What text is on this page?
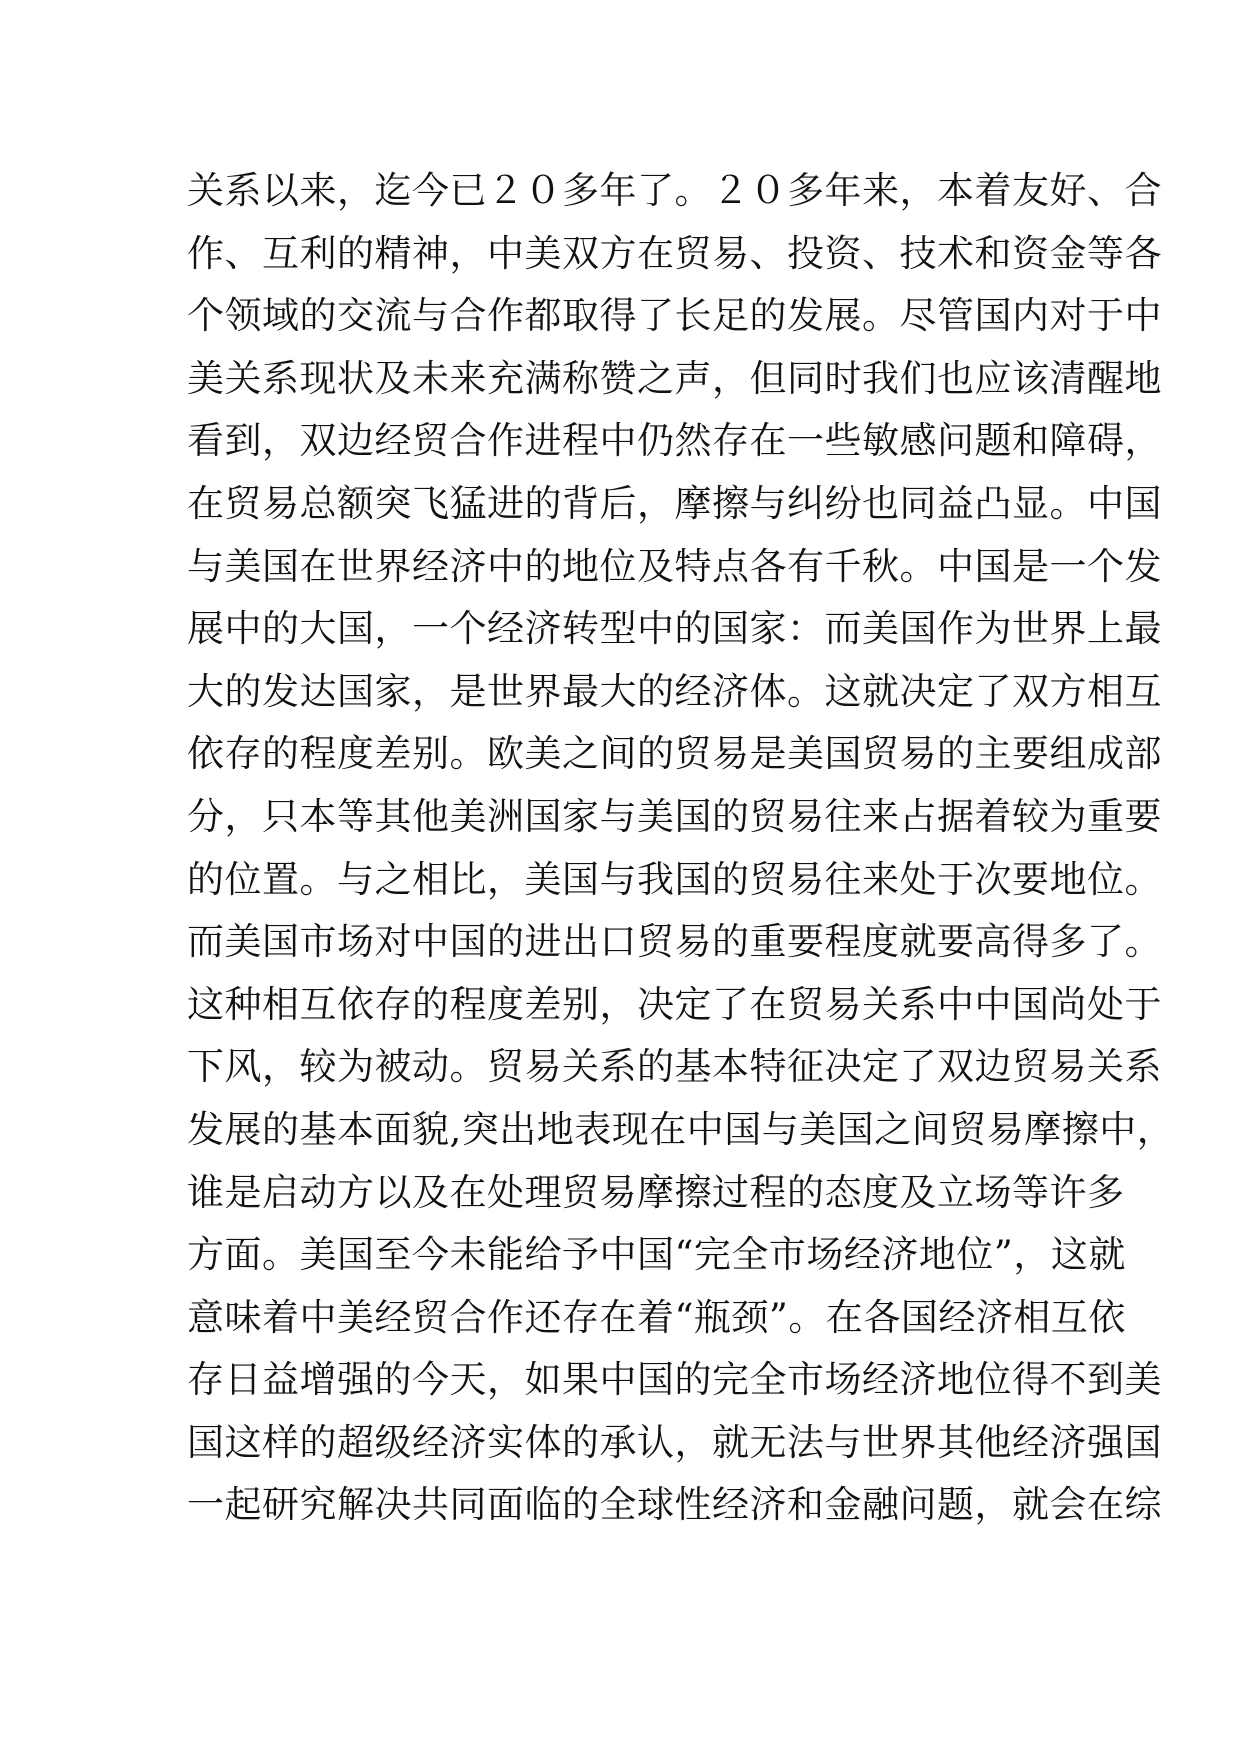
关系以来，迄今已２０多年了。２０多年来，本着友好、合
作、互利的精神，中美双方在贸易、投资、技术和资金等各
个领域的交流与合作都取得了长足的发展。尽管国内对于中
美关系现状及未来充满称赞之声，但同时我们也应该清醒地
看到，双边经贸合作进程中仍然存在一些敏感问题和障碍，
在贸易总额突飞猛进的背后，摩擦与纠纷也同益凸显。中国
与美国在世界经济中的地位及特点各有千秋。中国是一个发
展中的大国，一个经济转型中的国家：而美国作为世界上最
大的发达国家，是世界最大的经济体。这就决定了双方相互
依存的程度差别。欧美之间的贸易是美国贸易的主要组成部
分，只本等其他美洲国家与美国的贸易往来占据着较为重要
的位置。与之相比，美国与我国的贸易往来处于次要地位。
而美国市场对中国的进出口贸易的重要程度就要高得多了。
这种相互依存的程度差别，决定了在贸易关系中中国尚处于
下风，较为被动。贸易关系的基本特征决定了双边贸易关系
发展的基本面貌,突出地表现在中国与美国之间贸易摩擦中，
谁是启动方以及在处理贸易摩擦过程的态度及立场等许多
方面。美国至今未能给予中国“完全市场经济地位”，这就
意味着中美经贸合作还存在着“瓶颈”。在各国经济相互依
存日益增强的今天，如果中国的完全市场经济地位得不到美
国这样的超级经济实体的承认，就无法与世界其他经济强国
一起研究解决共同面临的全球性经济和金融问题，就会在综
